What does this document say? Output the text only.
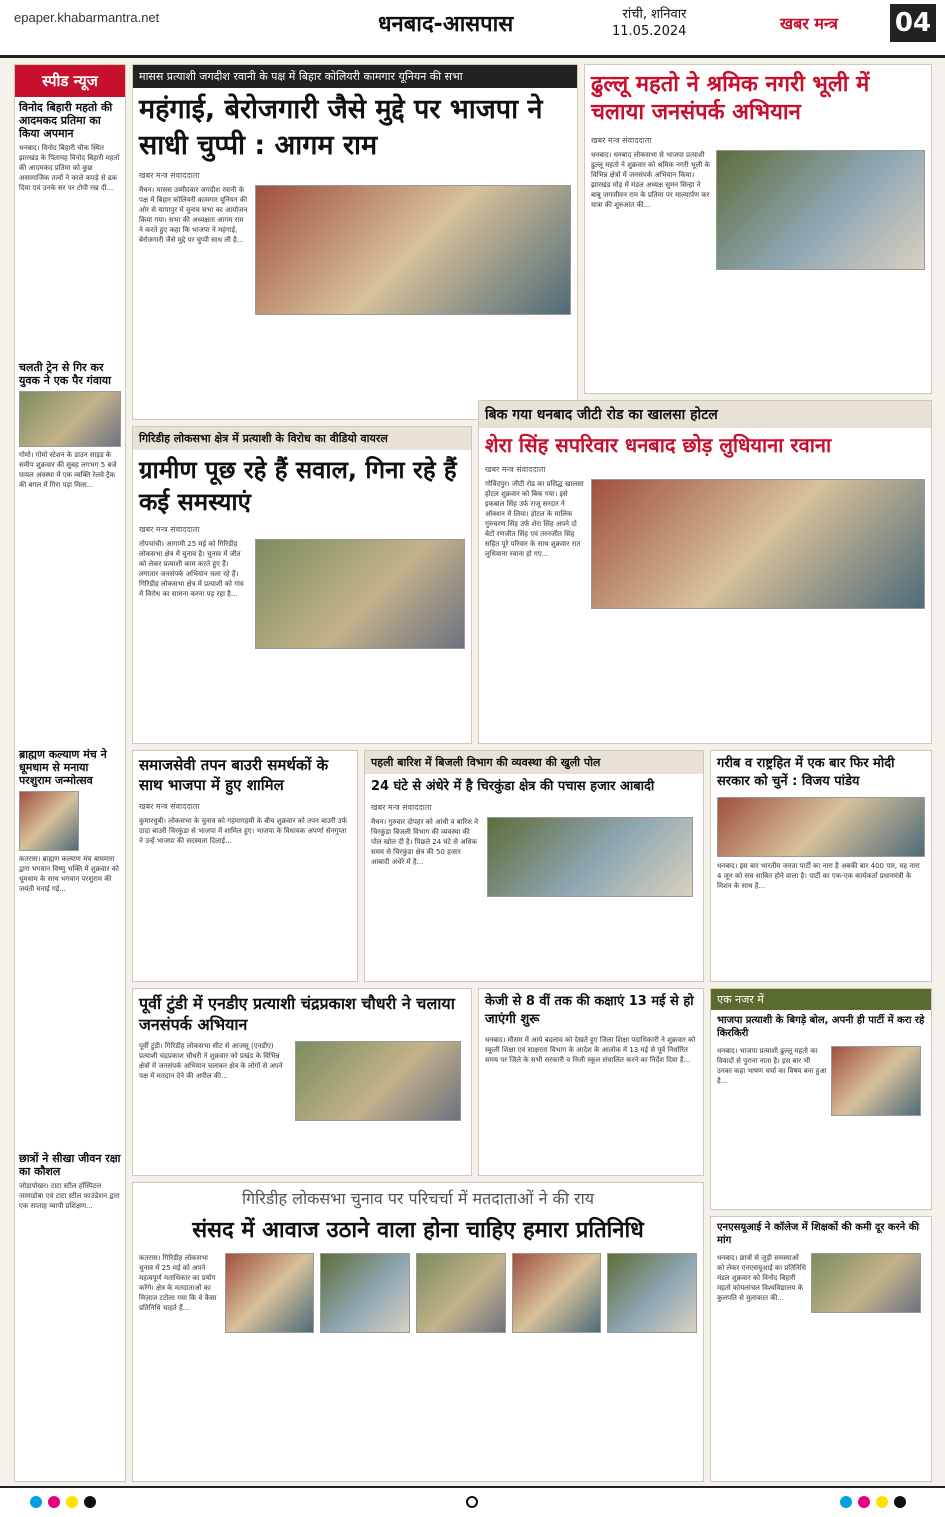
epaper.khabarmantra.net	धनबाद-आसपास	रांची, शनिवार
11.05.2024	खबर मन्त्र 04
स्पीड न्यूज
विनोद बिहारी महतो की आदमकद प्रतिमा का किया अपमान
धनबाद। विनोद बिहारी चौक स्थित झारखंड के पितामह विनोद बिहारी महतो की आदमकद प्रतिमा को कुछ असामाजिक तत्वों ने काले कपड़े से ढक दिया एवं उनके सर पर टोपी रख दी...
चलती ट्रेन से गिर कर युवक ने एक पैर गंवाया
गोमो। गोमो स्टेशन के डाउन साइड के समीप शुक्रवार की सुबह लगभग 5 बजे घायल अवस्था में एक व्यक्ति रेलवे ट्रैक की बगल में गिरा पड़ा मिला...
ब्राह्मण कल्याण मंच ने धूमधाम से मनाया परशुराम जन्मोत्सव
कतरास। ब्राह्मण कल्याण मंच बाघमारा द्वारा भगवान विष्णु भक्ति में शुक्रवार को धूमधाम के साथ भगवान परशुराम की जयंती मनाई गई...
छात्रों ने सीखा जीवन रक्षा का कौशल
जोड़ापोखर। टाटा स्टील हॉस्पिटल जामाडोबा एवं टाटा स्टील फाउंडेशन द्वारा एक सप्ताह व्यापी प्रशिक्षण...
मासस प्रत्याशी जगदीश रवानी के पक्ष में बिहार कोलियरी कामगार यूनियन की सभा
महंगाई, बेरोजगारी जैसे मुद्दे पर भाजपा ने साधी चुप्पी : आगम राम
खबर मन्त्र संवाददाता
मैथन। मासस उम्मीदवार जगदीश रवानी के पक्ष में बिहार कोलियरी कामगार यूनियन की ओर से चापापुर में चुनाव सभा का आयोजन किया गया। सभा की अध्यक्षता आगम राम ने करते हुए कहा कि भाजपा ने महंगाई, बेरोजगारी जैसे मुद्दे पर चुप्पी साध ली है...
ढुल्लू महतो ने श्रमिक नगरी भूली में चलाया जनसंपर्क अभियान
खबर मन्त्र संवाददाता
धनबाद। धनबाद लोकसभा से भाजपा प्रत्याशी ढुल्लू महतो ने शुक्रवार को श्रमिक नगरी भूली के विभिन्न क्षेत्रों में जनसंपर्क अभियान किया। झारखंड मोड़ में मंडल अध्यक्ष सुमन सिन्हा ने बाबू जगजीवन राम के प्रतिमा पर माल्यार्पण कर यात्रा की शुरुआत की...
गिरिडीह लोकसभा क्षेत्र में प्रत्याशी के विरोध का वीडियो वायरल
ग्रामीण पूछ रहे हैं सवाल, गिना रहे हैं कई समस्याएं
खबर मन्त्र संवाददाता
तोपचांची। आगामी 25 मई को गिरिडीह लोकसभा क्षेत्र में चुनाव है। चुनाव में जीत को लेकर प्रत्याशी काम करते हुए हैं। लगातार जनसंपर्क अभियान चला रहे हैं। गिरिडीह लोकसभा क्षेत्र में प्रत्याशी को गांव में विरोध का सामना करना पड़ रहा है...
बिक गया धनबाद जीटी रोड का खालसा होटल
शेरा सिंह सपरिवार धनबाद छोड़ लुधियाना रवाना
खबर मन्त्र संवाददाता
गोविंदपुर। जीटी रोड का प्रसिद्ध खालसा होटल शुक्रवार को बिक गया। इसे इकबाल सिंह उर्फ राजू सरदार ने ऑक्शन में लिया। होटल के मालिक गुरुचरण सिंह उर्फ शेरा सिंह अपने दो बेटों रणजीत सिंह एवं तरनजीत सिंह सहित पूरे परिवार के साथ शुक्रवार रात लुधियाना रवाना हो गए...
समाजसेवी तपन बाउरी समर्थकों के साथ भाजपा में हुए शामिल
खबर मन्त्र संवाददाता
कुमारधुबी। लोकसभा के चुनाव को गहमागहमी के बीच शुक्रवार को तपन बाउरी उर्फ दादा बाउरी चिरकुंडा से भाजपा में शामिल हुए। भाजपा के विधायक अपर्णा सेनगुप्ता ने उन्हें भाजपा की सदस्यता दिलाई...
पहली बारिश में बिजली विभाग की व्यवस्था की खुली पोल
24 घंटे से अंधेरे में है चिरकुंडा क्षेत्र की पचास हजार आबादी
खबर मन्त्र संवाददाता
मैथन। गुरुवार दोपहर को आंधी व बारिश ने चिरकुंडा बिजली विभाग की व्यवस्था की पोल खोल दी है। पिछले 24 घंटे से अधिक समय से चिरकुंडा क्षेत्र की 50 हजार आबादी अंधेरे में है...
गरीब व राष्ट्रहित में एक बार फिर मोदी सरकार को चुनें : विजय पांडेय
धनबाद। इस बार भारतीय जनता पार्टी का नारा है अबकी बार 400 पार, यह नारा 4 जून को सच साबित होने वाला है। पार्टी का एक-एक कार्यकर्ता प्रधानमंत्री के मिशन के साथ है...
पूर्वी टुंडी में एनडीए प्रत्याशी चंद्रप्रकाश चौधरी ने चलाया जनसंपर्क अभियान
पूर्वी टुंडी। गिरिडीह लोकसभा सीट से आजसू (एनडीए) प्रत्याशी चंद्रप्रकाश चौधरी ने शुक्रवार को प्रखंड के विभिन्न क्षेत्रों में जनसंपर्क अभियान चलाकर क्षेत्र के लोगों से अपने पक्ष में मतदान देने की अपील की...
केजी से 8 वीं तक की कक्षाएं 13 मई से हो जाएंगी शुरू
धनबाद। मौसम में आये बदलाव को देखते हुए जिला शिक्षा पदाधिकारी ने शुक्रवार को स्कूली शिक्षा एवं साक्षरता विभाग के आदेश के आलोक में 13 मई से पूर्व निर्धारित समय पर जिले के सभी सरकारी व निजी स्कूल संचालित करने का निर्देश दिया है...
एक नजर में
भाजपा प्रत्याशी के बिगड़े बोल, अपनी ही पार्टी में करा रहे किरकिरी
धनबाद। भाजपा प्रत्याशी ढुल्लू महतो का विवादों से पुराना नाता है। इस बार भी उनका कहा भाषण चर्चा का विषय बना हुआ है...
एनएसयूआई ने कॉलेज में शिक्षकों की कमी दूर करने की मांग
धनबाद। छात्रों से जुड़ी समस्याओं को लेकर एनएसयूआई का प्रतिनिधि मंडल शुक्रवार को विनोद बिहारी महतो कोयलांचल विश्वविद्यालय के कुलपति से मुलाकात की...
गिरिडीह लोकसभा चुनाव पर परिचर्चा में मतदाताओं ने की राय
संसद में आवाज उठाने वाला होना चाहिए हमारा प्रतिनिधि
कतरास। गिरिडीह लोकसभा चुनाव में 25 मई को अपने महत्वपूर्ण मताधिकार का प्रयोग करेंगे। क्षेत्र के मतदाताओं का मिज़ाज टटोला गया कि वे कैसा प्रतिनिधि चाहते हैं...
